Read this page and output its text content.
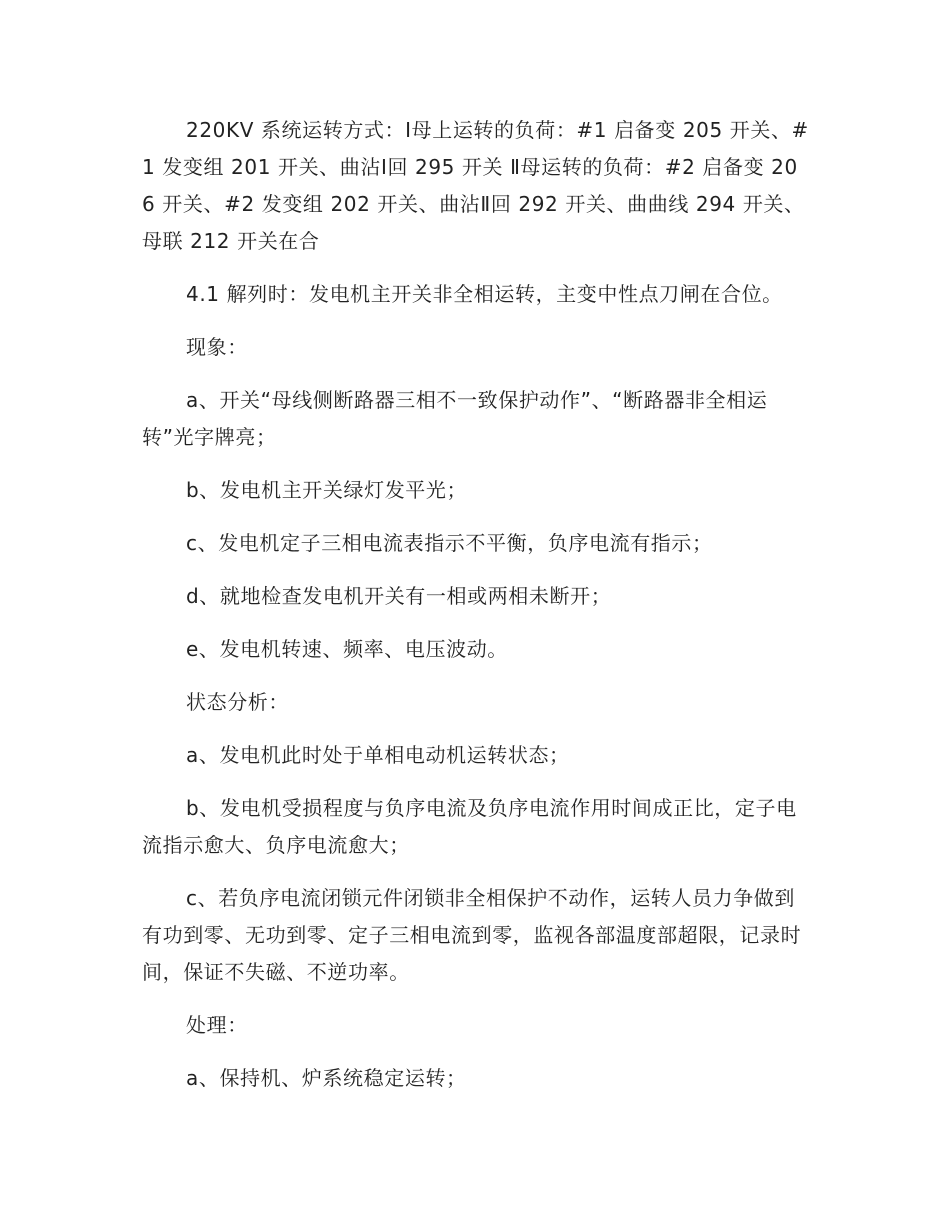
220KV 系统运转方式：Ⅰ母上运转的负荷：#1 启备变 205 开关、#1 发变组 201 开关、曲沾Ⅰ回 295 开关 Ⅱ母运转的负荷：#2 启备变 206 开关、#2 发变组 202 开关、曲沾Ⅱ回 292 开关、曲曲线 294 开关、母联 212 开关在合

4.1 解列时：发电机主开关非全相运转，主变中性点刀闸在合位。

现象：

a、开关“母线侧断路器三相不一致保护动作”、“断路器非全相运转”光字牌亮；

b、发电机主开关绿灯发平光；

c、发电机定子三相电流表指示不平衡，负序电流有指示；

d、就地检查发电机开关有一相或两相未断开；

e、发电机转速、频率、电压波动。

状态分析：

a、发电机此时处于单相电动机运转状态；

b、发电机受损程度与负序电流及负序电流作用时间成正比，定子电流指示愈大、负序电流愈大；

c、若负序电流闭锁元件闭锁非全相保护不动作，运转人员力争做到有功到零、无功到零、定子三相电流到零，监视各部温度部超限，记录时间，保证不失磁、不逆功率。

处理：

a、保持机、炉系统稳定运转；
